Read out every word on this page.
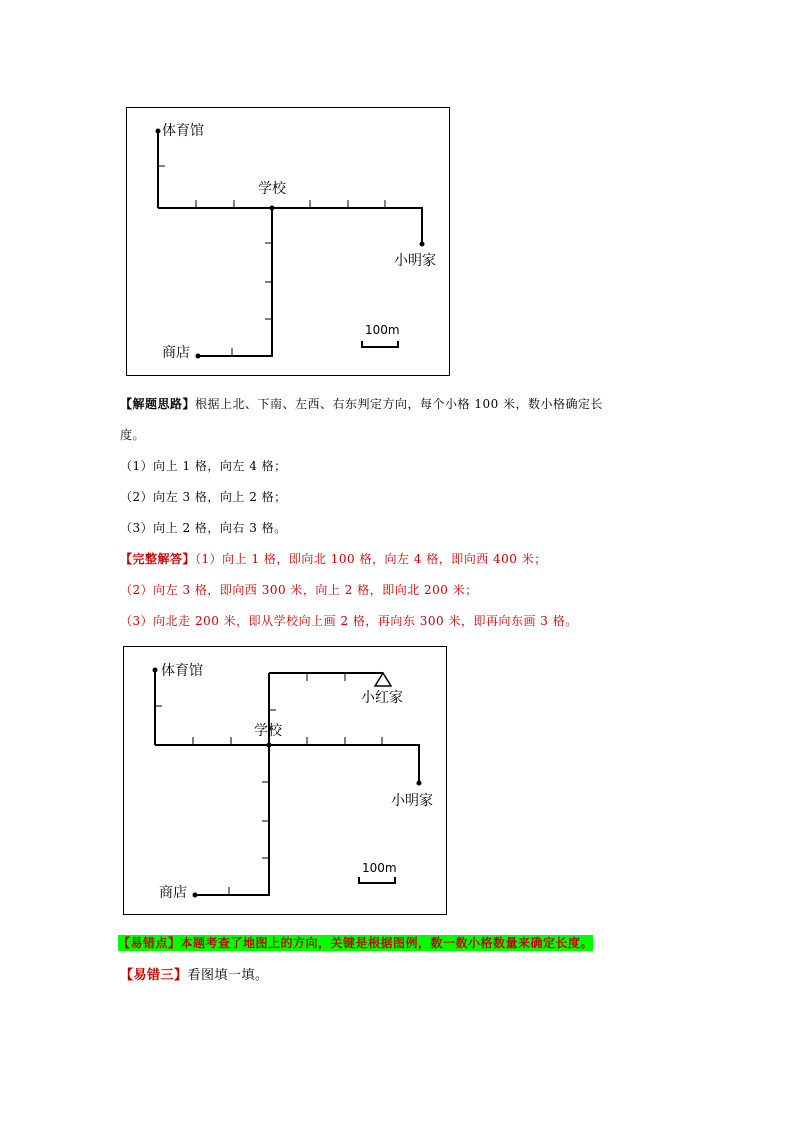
体育馆
学校
小明家
商店
100m
【解题思路】根据上北、下南、左西、右东判定方向，每个小格 100 米，数小格确定长
度。
（1）向上 1 格，向左 4 格；
（2）向左 3 格，向上 2 格；
（3）向上 2 格，向右 3 格。
【完整解答】（1）向上 1 格，即向北 100 格，向左 4 格，即向西 400 米；
（2）向左 3 格，即向西 300 米，向上 2 格，即向北 200 米；
（3）向北走 200 米，即从学校向上画 2 格，再向东 300 米，即再向东画 3 格。
体育馆
小红家
学校
小明家
商店
100m
【易错点】本题考查了地图上的方向，关键是根据图例，数一数小格数量来确定长度。
【易错三】看图填一填。
